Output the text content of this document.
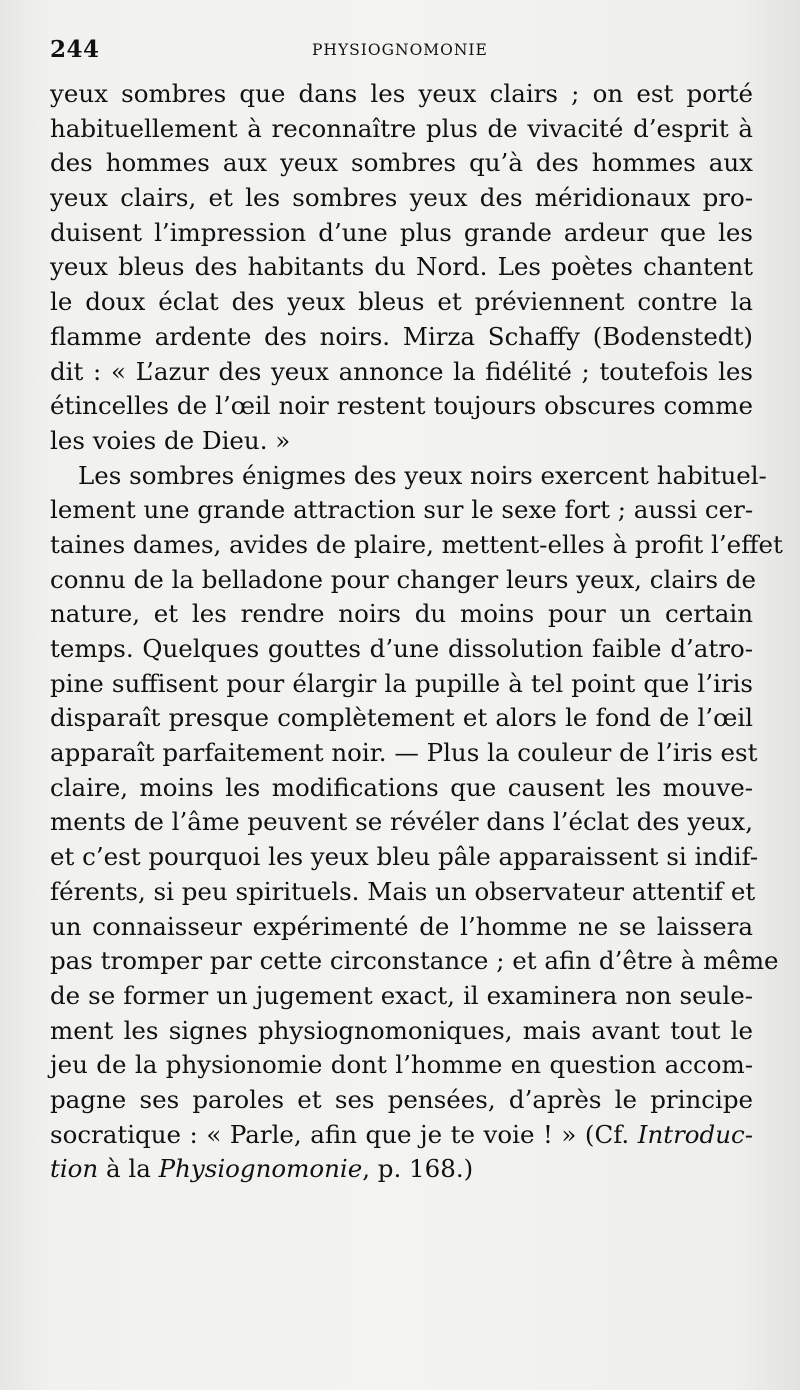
244	PHYSIOGNOMONIE
yeux sombres que dans les yeux clairs ; on est porté
habituellement à reconnaître plus de vivacité d’esprit à
des hommes aux yeux sombres qu’à des hommes aux
yeux clairs, et les sombres yeux des méridionaux pro-
duisent l’impression d’une plus grande ardeur que les
yeux bleus des habitants du Nord. Les poètes chantent
le doux éclat des yeux bleus et préviennent contre la
flamme ardente des noirs. Mirza Schaffy (Bodenstedt)
dit : « L’azur des yeux annonce la fidélité ; toutefois les
étincelles de l’œil noir restent toujours obscures comme
les voies de Dieu. »
Les sombres énigmes des yeux noirs exercent habituel-
lement une grande attraction sur le sexe fort ; aussi cer-
taines dames, avides de plaire, mettent-elles à profit l’effet
connu de la belladone pour changer leurs yeux, clairs de
nature, et les rendre noirs du moins pour un certain
temps. Quelques gouttes d’une dissolution faible d’atro-
pine suffisent pour élargir la pupille à tel point que l’iris
disparaît presque complètement et alors le fond de l’œil
apparaît parfaitement noir. — Plus la couleur de l’iris est
claire, moins les modifications que causent les mouve-
ments de l’âme peuvent se révéler dans l’éclat des yeux,
et c’est pourquoi les yeux bleu pâle apparaissent si indif-
férents, si peu spirituels. Mais un observateur attentif et
un connaisseur expérimenté de l’homme ne se laissera
pas tromper par cette circonstance ; et afin d’être à même
de se former un jugement exact, il examinera non seule-
ment les signes physiognomoniques, mais avant tout le
jeu de la physionomie dont l’homme en question accom-
pagne ses paroles et ses pensées, d’après le principe
socratique : « Parle, afin que je te voie ! » (Cf. Introduc-
tion à la Physiognomonie, p. 168.)
